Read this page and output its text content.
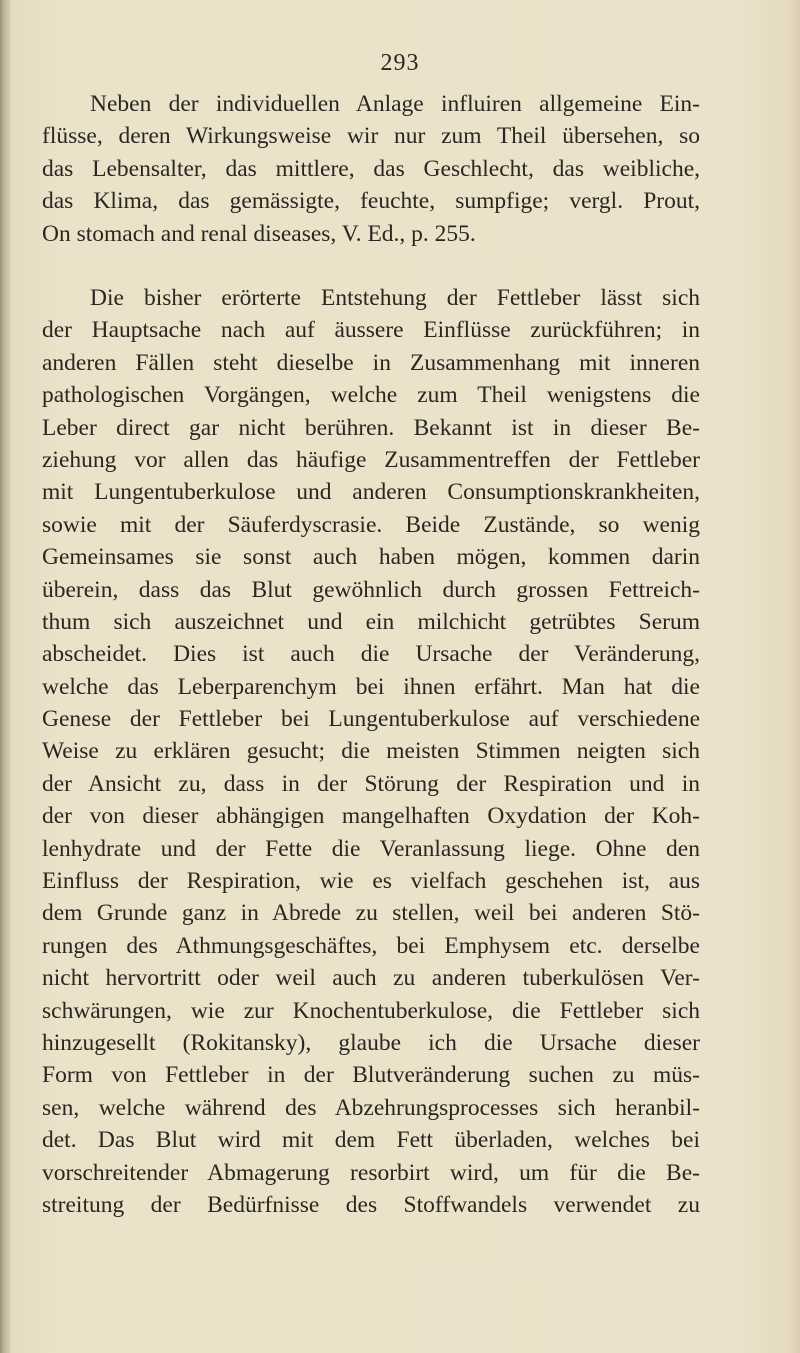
293
Neben der individuellen Anlage influiren allgemeine Ein-
flüsse, deren Wirkungsweise wir nur zum Theil übersehen, so
das Lebensalter, das mittlere, das Geschlecht, das weibliche,
das Klima, das gemässigte, feuchte, sumpfige; vergl. Prout,
On stomach and renal diseases, V. Ed., p. 255.
Die bisher erörterte Entstehung der Fettleber lässt sich
der Hauptsache nach auf äussere Einflüsse zurückführen; in
anderen Fällen steht dieselbe in Zusammenhang mit inneren
pathologischen Vorgängen, welche zum Theil wenigstens die
Leber direct gar nicht berühren. Bekannt ist in dieser Be-
ziehung vor allen das häufige Zusammentreffen der Fettleber
mit Lungentuberkulose und anderen Consumptionskrankheiten,
sowie mit der Säuferdyscrasie. Beide Zustände, so wenig
Gemeinsames sie sonst auch haben mögen, kommen darin
überein, dass das Blut gewöhnlich durch grossen Fettreich-
thum sich auszeichnet und ein milchicht getrübtes Serum
abscheidet. Dies ist auch die Ursache der Veränderung,
welche das Leberparenchym bei ihnen erfährt. Man hat die
Genese der Fettleber bei Lungentuberkulose auf verschiedene
Weise zu erklären gesucht; die meisten Stimmen neigten sich
der Ansicht zu, dass in der Störung der Respiration und in
der von dieser abhängigen mangelhaften Oxydation der Koh-
lenhydrate und der Fette die Veranlassung liege. Ohne den
Einfluss der Respiration, wie es vielfach geschehen ist, aus
dem Grunde ganz in Abrede zu stellen, weil bei anderen Stö-
rungen des Athmungsgeschäftes, bei Emphysem etc. derselbe
nicht hervortritt oder weil auch zu anderen tuberkulösen Ver-
schwärungen, wie zur Knochentuberkulose, die Fettleber sich
hinzugesellt (Rokitansky), glaube ich die Ursache dieser
Form von Fettleber in der Blutveränderung suchen zu müs-
sen, welche während des Abzehrungsprocesses sich heranbil-
det. Das Blut wird mit dem Fett überladen, welches bei
vorschreitender Abmagerung resorbirt wird, um für die Be-
streitung der Bedürfnisse des Stoffwandels verwendet zu
